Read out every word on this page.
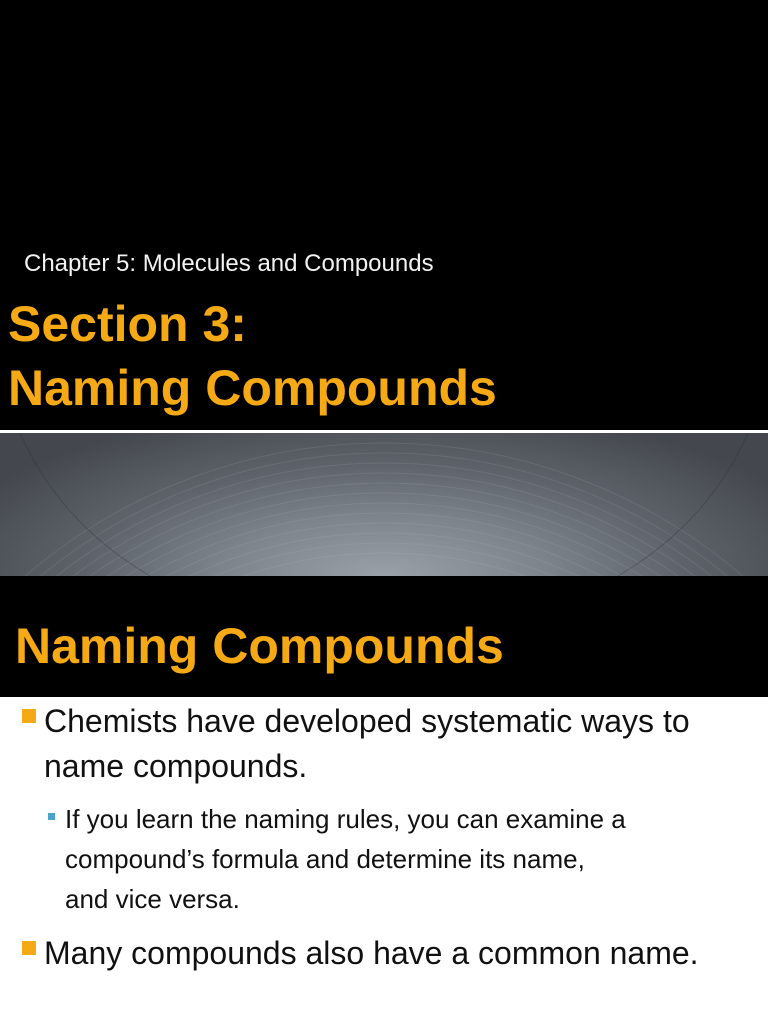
Chapter 5: Molecules and Compounds
Section 3:
Naming Compounds
Naming Compounds
Chemists have developed systematic ways to
name compounds.
If you learn the naming rules, you can examine a
compound’s formula and determine its name,
and vice versa.
Many compounds also have a common name.
